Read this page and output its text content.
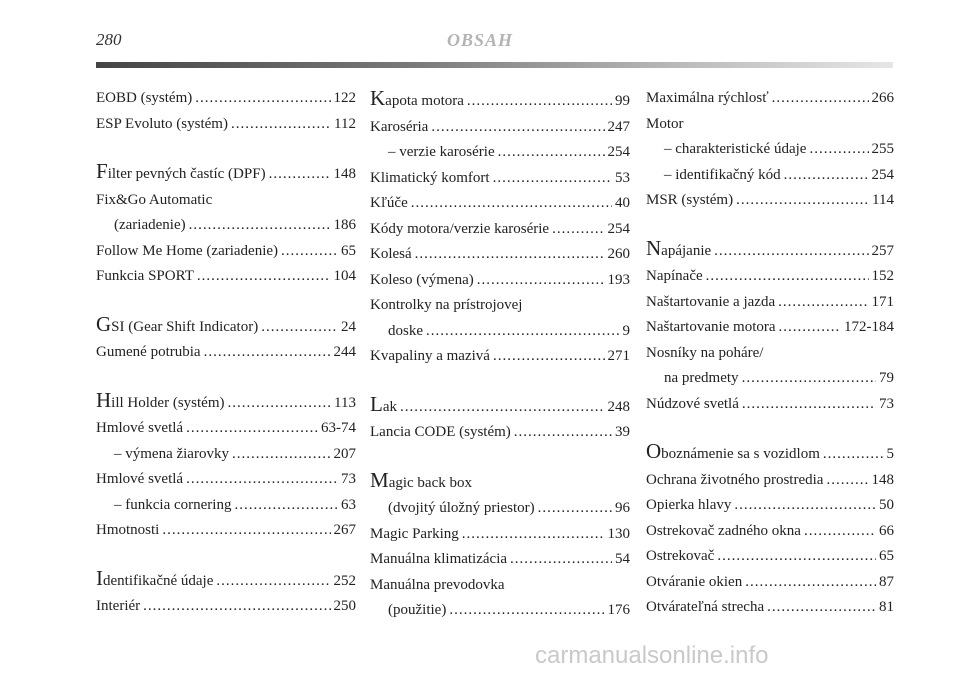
280	OBSAH
EOBD (systém) .....	122
ESP Evoluto (systém) .....	112
Filter pevných častíc (DPF) .....	148
Fix&Go Automatic
(zariadenie) .....	186
Follow Me Home (zariadenie) .....	65
Funkcia SPORT .....	104
GSI (Gear Shift Indicator) .....	24
Gumené potrubia .....	244
Hill Holder (systém) .....	113
Hmlové svetlá .....	63-74
– výmena žiarovky .....	207
Hmlové svetlá .....	73
– funkcia cornering .....	63
Hmotnosti .....	267
Identifikačné údaje .....	252
Interiér .....	250
Kapota motora .....	99
Karoséria .....	247
– verzie karosérie .....	254
Klimatický komfort .....	53
Kľúče .....	40
Kódy motora/verzie karosérie .....	254
Kolesá .....	260
Koleso (výmena) .....	193
Kontrolky na prístrojovej
doske .....	9
Kvapaliny a mazivá .....	271
Lak .....	248
Lancia CODE (systém) .....	39
Magic back box
(dvojitý úložný priestor) .....	96
Magic Parking .....	130
Manuálna klimatizácia .....	54
Manuálna prevodovka
(použitie) .....	176
Maximálna rýchlosť .....	266
Motor
– charakteristické údaje .....	255
– identifikačný kód .....	254
MSR (systém) .....	114
Napájanie .....	257
Napínače .....	152
Naštartovanie a jazda .....	171
Naštartovanie motora .....	172-184
Nosníky na poháre/
na predmety .....	79
Núdzové svetlá .....	73
Oboznámenie sa s vozidlom .....	5
Ochrana životného prostredia .....	148
Opierka hlavy .....	50
Ostrekovač zadného okna .....	66
Ostrekovač .....	65
Otváranie okien .....	87
Otvárateľná strecha .....	81
carmanualsonline.info
